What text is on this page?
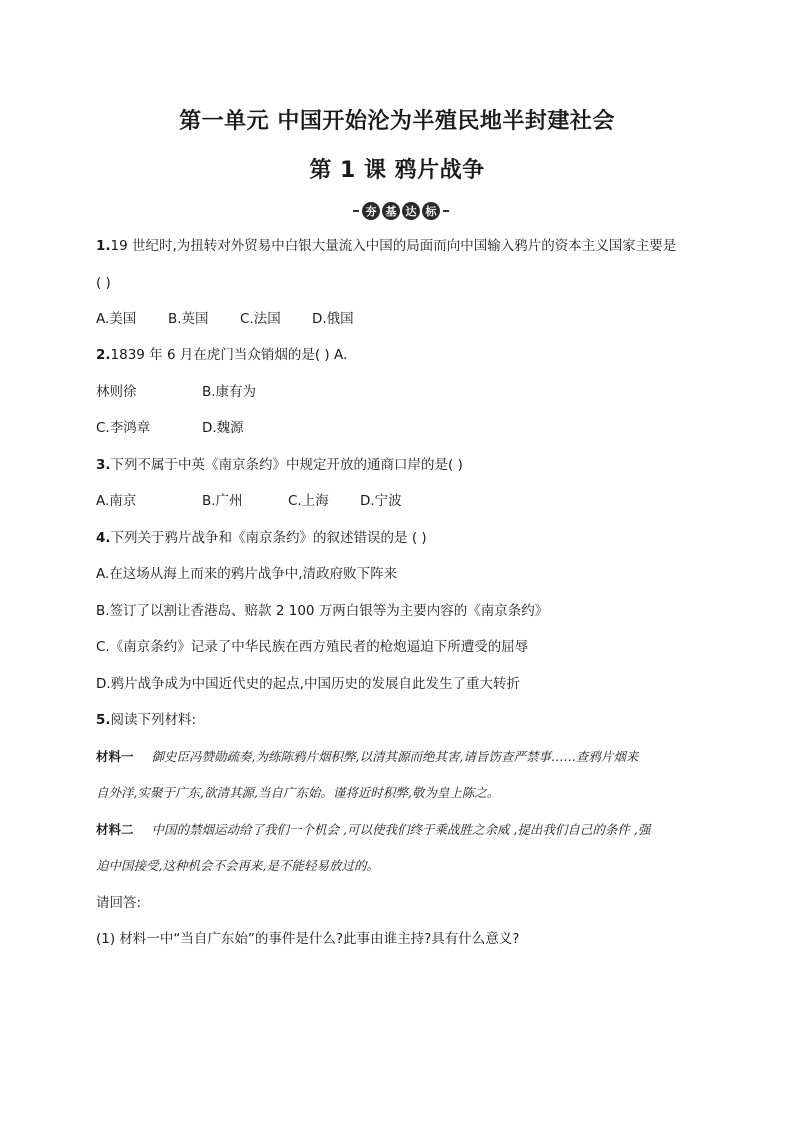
第一单元 中国开始沦为半殖民地半封建社会
第 1 课 鸦片战争
夯 基 达 标
1.19 世纪时,为扭转对外贸易中白银大量流入中国的局面而向中国输入鸦片的资本主义国家主要是
( )
A.美国 B.英国 C.法国 D.俄国
2.1839 年 6 月在虎门当众销烟的是( ) A.
林则徐	B.康有为
C.李鸿章	D.魏源
3.下列不属于中英《南京条约》中规定开放的通商口岸的是( )
A.南京	B.广州	C.上海 D.宁波
4.下列关于鸦片战争和《南京条约》的叙述错误的是 ( )
A.在这场从海上而来的鸦片战争中,清政府败下阵来
B.签订了以割让香港岛、赔款 2 100 万两白银等为主要内容的《南京条约》
C.《南京条约》记录了中华民族在西方殖民者的枪炮逼迫下所遭受的屈辱
D.鸦片战争成为中国近代史的起点,中国历史的发展自此发生了重大转折
5.阅读下列材料:
材料一 御史臣冯赞勋疏奏,为练陈鸦片烟积弊,以清其源而绝其害,请旨饬查严禁事……查鸦片烟来
自外洋,实聚于广东,欲清其源,当自广东始。谨将近时积弊,敬为皇上陈之。
材料二 中国的禁烟运动给了我们一个机会 ,可以使我们终于乘战胜之余威 ,提出我们自己的条件 ,强
迫中国接受,这种机会不会再来,是不能轻易放过的。
请回答:
(1) 材料一中“当自广东始”的事件是什么?此事由谁主持?具有什么意义?
